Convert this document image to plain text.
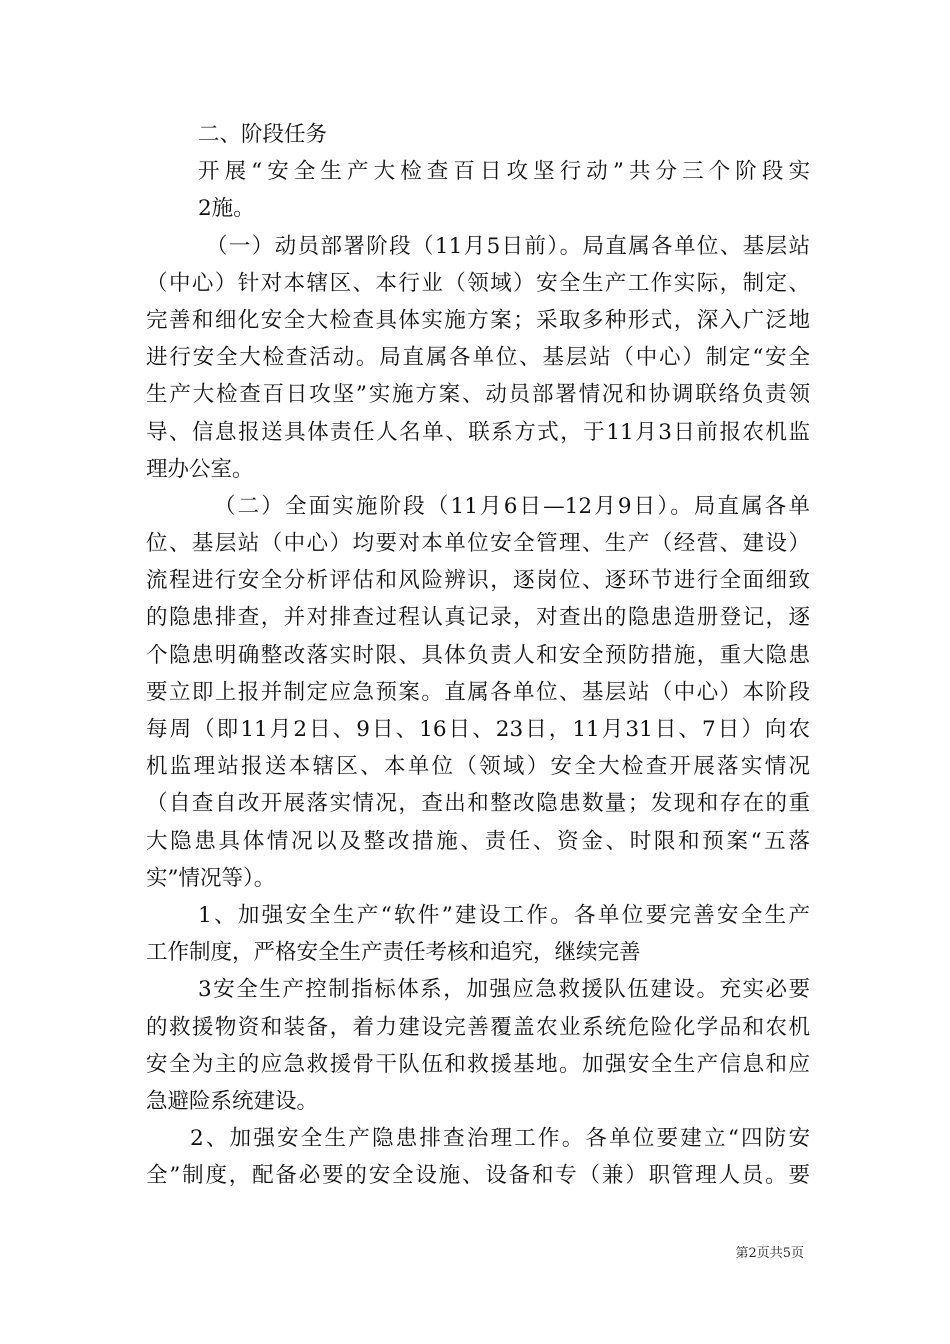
二、阶段任务
开展“安全生产大检查百日攻坚行动”共分三个阶段实
2施。
（一）动员部署阶段（11月5日前）。局直属各单位、基层站
（中心）针对本辖区、本行业（领域）安全生产工作实际，制定、
完善和细化安全大检查具体实施方案；采取多种形式，深入广泛地
进行安全大检查活动。局直属各单位、基层站（中心）制定“安全
生产大检查百日攻坚”实施方案、动员部署情况和协调联络负责领
导、信息报送具体责任人名单、联系方式，于11月3日前报农机监
理办公室。
（二）全面实施阶段（11月6日—12月9日）。局直属各单
位、基层站（中心）均要对本单位安全管理、生产（经营、建设）
流程进行安全分析评估和风险辨识，逐岗位、逐环节进行全面细致
的隐患排查，并对排查过程认真记录，对查出的隐患造册登记，逐
个隐患明确整改落实时限、具体负责人和安全预防措施，重大隐患
要立即上报并制定应急预案。直属各单位、基层站（中心）本阶段
每周（即11月2日、9日、16日、23日，11月31日、7日）向农
机监理站报送本辖区、本单位（领域）安全大检查开展落实情况
（自查自改开展落实情况，查出和整改隐患数量；发现和存在的重
大隐患具体情况以及整改措施、责任、资金、时限和预案“五落
实”情况等）。
1、加强安全生产“软件”建设工作。各单位要完善安全生产
工作制度，严格安全生产责任考核和追究，继续完善
3安全生产控制指标体系，加强应急救援队伍建设。充实必要
的救援物资和装备，着力建设完善覆盖农业系统危险化学品和农机
安全为主的应急救援骨干队伍和救援基地。加强安全生产信息和应
急避险系统建设。
2、加强安全生产隐患排查治理工作。各单位要建立“四防安
全”制度，配备必要的安全设施、设备和专（兼）职管理人员。要
第2页共5页
